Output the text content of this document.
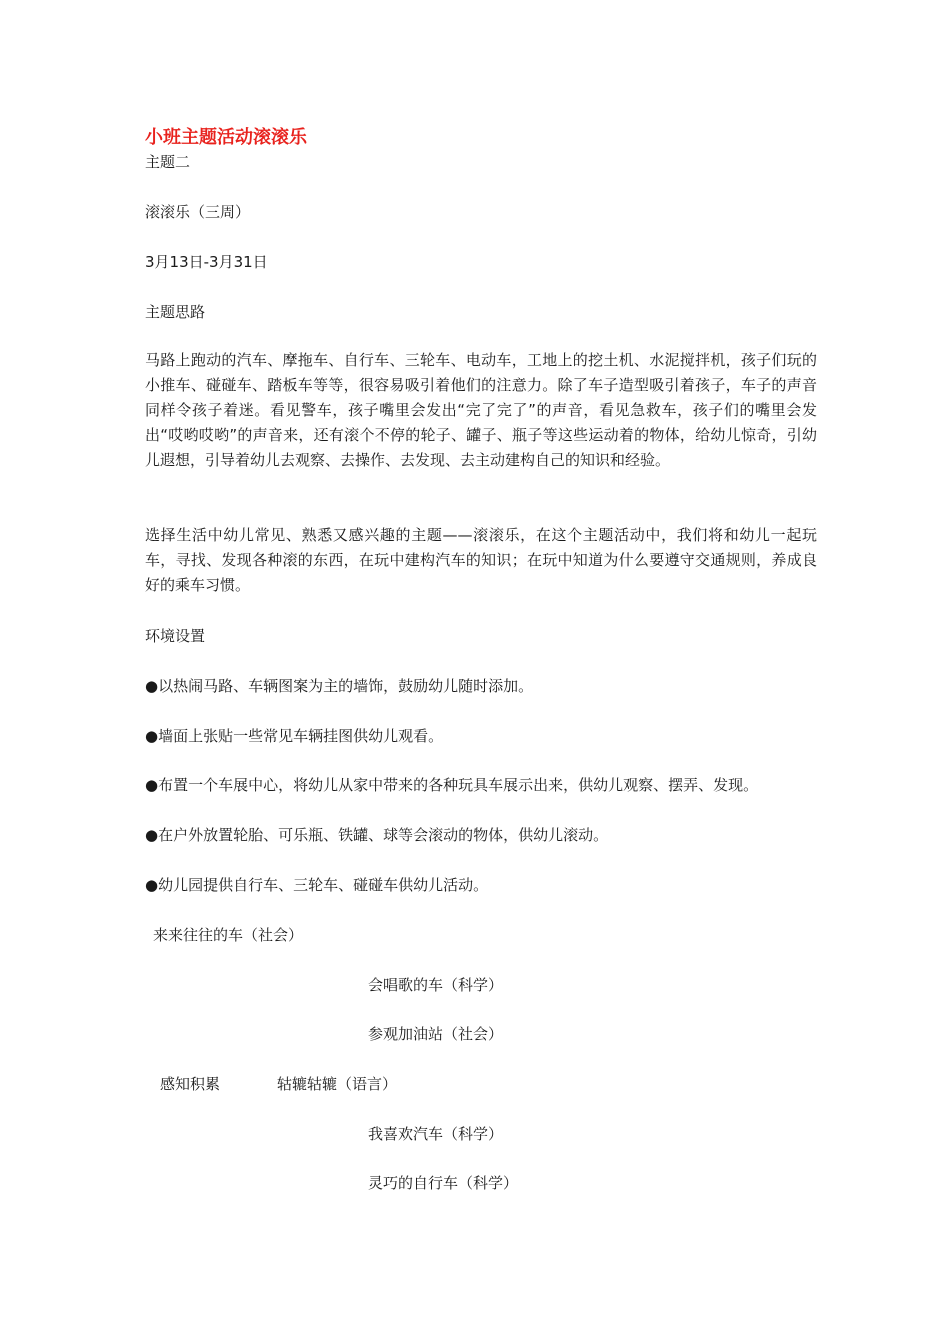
小班主题活动滚滚乐
主题二
滚滚乐（三周）
3月13日-3月31日
主题思路
马路上跑动的汽车、摩拖车、自行车、三轮车、电动车，工地上的挖土机、水泥搅拌机，孩子们玩的小推车、碰碰车、踏板车等等，很容易吸引着他们的注意力。除了车子造型吸引着孩子，车子的声音同样令孩子着迷。看见警车，孩子嘴里会发出“完了完了”的声音，看见急救车，孩子们的嘴里会发出“哎哟哎哟”的声音来，还有滚个不停的轮子、罐子、瓶子等这些运动着的物体，给幼儿惊奇，引幼儿遐想，引导着幼儿去观察、去操作、去发现、去主动建构自己的知识和经验。
选择生活中幼儿常见、熟悉又感兴趣的主题——滚滚乐，在这个主题活动中，我们将和幼儿一起玩车，寻找、发现各种滚的东西，在玩中建构汽车的知识；在玩中知道为什么要遵守交通规则，养成良好的乘车习惯。
环境设置
●以热闹马路、车辆图案为主的墙饰，鼓励幼儿随时添加。
●墙面上张贴一些常见车辆挂图供幼儿观看。
●布置一个车展中心，将幼儿从家中带来的各种玩具车展示出来，供幼儿观察、摆弄、发现。
●在户外放置轮胎、可乐瓶、铁罐、球等会滚动的物体，供幼儿滚动。
●幼儿园提供自行车、三轮车、碰碰车供幼儿活动。
来来往往的车（社会）
会唱歌的车（科学）
参观加油站（社会）
感知积累	轱辘轱辘（语言）
我喜欢汽车（科学）
灵巧的自行车（科学）
